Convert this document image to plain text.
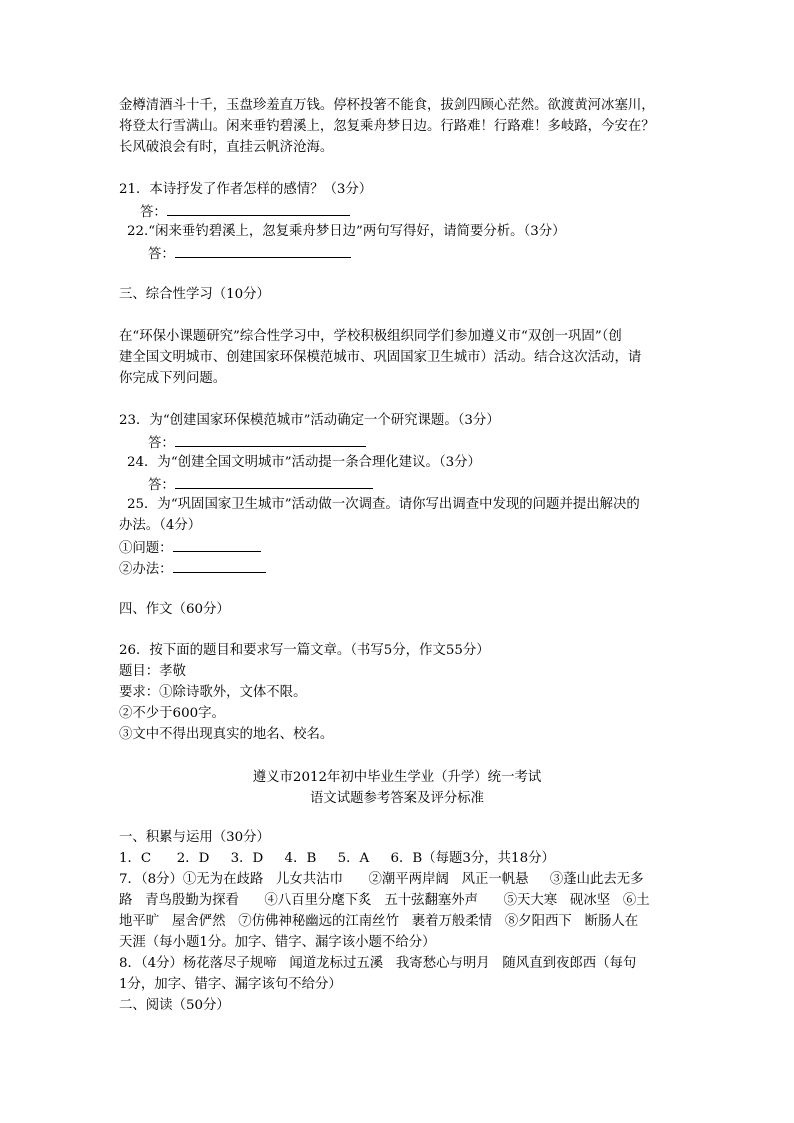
金樽清酒斗十千，玉盘珍羞直万钱。停杯投箸不能食，拔剑四顾心茫然。欲渡黄河冰塞川，
将登太行雪满山。闲来垂钓碧溪上，忽复乘舟梦日边。行路难！行路难！多岐路，今安在？
长风破浪会有时，直挂云帆济沧海。
21．本诗抒发了作者怎样的感情？（3分）
答：
22.“闲来垂钓碧溪上，忽复乘舟梦日边”两句写得好，请简要分析。（3分）
答：
三、综合性学习（10分）
在“环保小课题研究”综合性学习中，学校积极组织同学们参加遵义市“双创一巩固”（创
建全国文明城市、创建国家环保模范城市、巩固国家卫生城市）活动。结合这次活动，请
你完成下列问题。
23．为“创建国家环保模范城市”活动确定一个研究课题。（3分）
答：
24．为“创建全国文明城市”活动提一条合理化建议。（3分）
答：
25．为“巩固国家卫生城市”活动做一次调查。请你写出调查中发现的问题并提出解决的
办法。（4分）
①问题：
②办法：
四、作文（60分）
26．按下面的题目和要求写一篇文章。（书写5分，作文55分）
题目：孝敬
要求：①除诗歌外，文体不限。
②不少于600字。
③文中不得出现真实的地名、校名。
遵义市2012年初中毕业生学业（升学）统一考试
语文试题参考答案及评分标准
一、积累与运用（30分）
1．C      2．D     3．D     4．B     5．A     6．B（每题3分，共18分）
7．（8分）①无为在歧路   儿女共沾巾      ②潮平两岸阔   风正一帆悬     ③蓬山此去无多
路   青鸟殷勤为探看      ④八百里分麾下炙   五十弦翻塞外声      ⑤天大寒   砚冰坚   ⑥土
地平旷   屋舍俨然   ⑦仿佛神秘幽远的江南丝竹   裹着万般柔情   ⑧夕阳西下   断肠人在
天涯（每小题1分。加字、错字、漏字该小题不给分）
8．（4分）杨花落尽子规啼   闻道龙标过五溪   我寄愁心与明月   随风直到夜郎西（每句
1分，加字、错字、漏字该句不给分）
二、阅读（50分）
